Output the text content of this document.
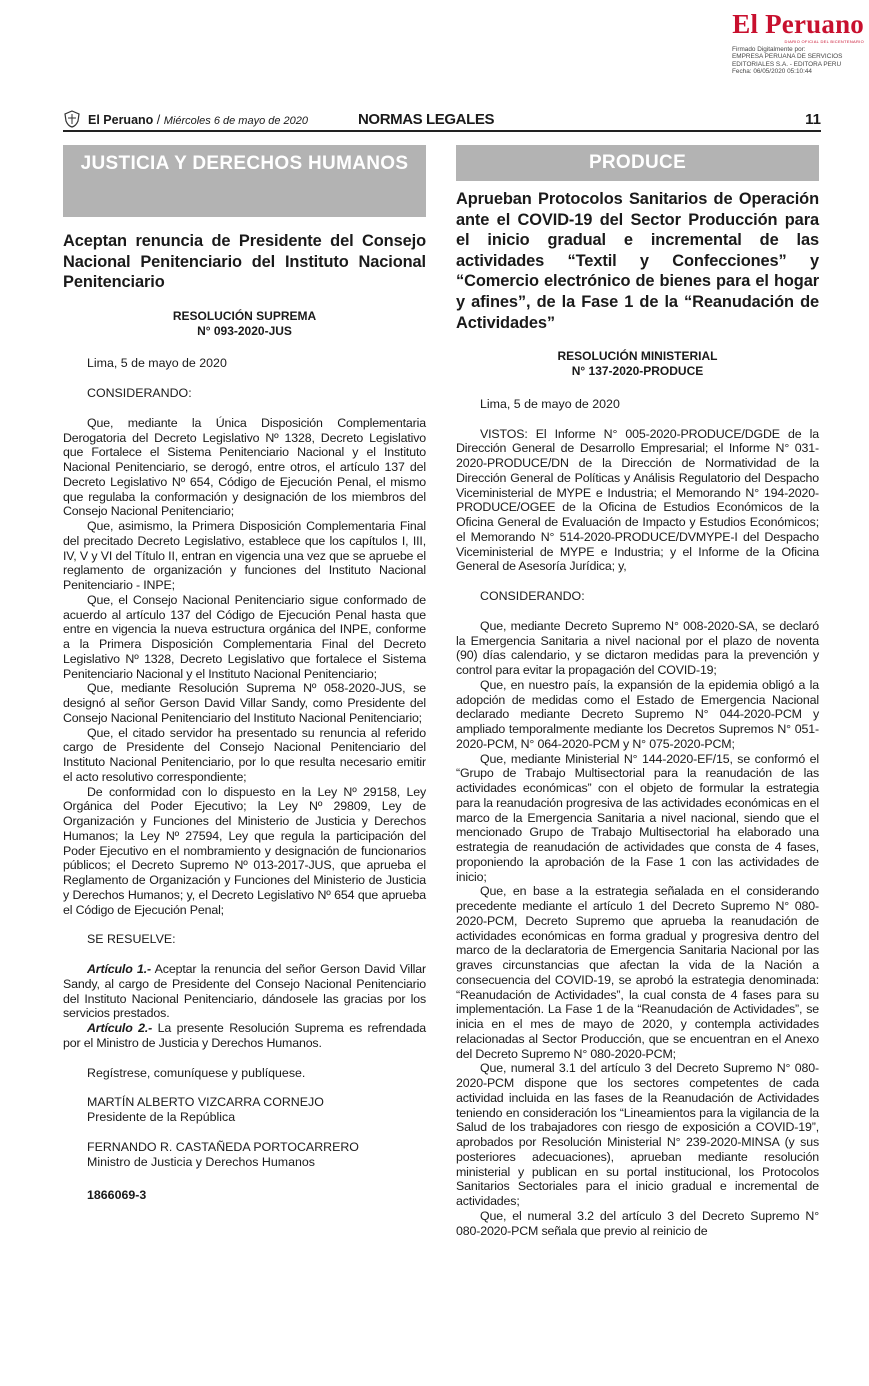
El Peruano
DIARIO OFICIAL DEL BICENTENARIO
Firmado Digitalmente por:
EMPRESA PERUANA DE SERVICIOS
EDITORIALES S.A. - EDITORA PERU
Fecha: 06/05/2020 05:10:44
El Peruano / Miércoles 6 de mayo de 2020	NORMAS LEGALES	11
JUSTICIA Y DERECHOS HUMANOS
Aceptan renuncia de Presidente del Consejo Nacional Penitenciario del Instituto Nacional Penitenciario
RESOLUCIÓN SUPREMA
N° 093-2020-JUS
Lima, 5 de mayo de 2020
CONSIDERANDO:
Que, mediante la Única Disposición Complementaria Derogatoria del Decreto Legislativo Nº 1328, Decreto Legislativo que Fortalece el Sistema Penitenciario Nacional y el Instituto Nacional Penitenciario, se derogó, entre otros, el artículo 137 del Decreto Legislativo Nº 654, Código de Ejecución Penal, el mismo que regulaba la conformación y designación de los miembros del Consejo Nacional Penitenciario;
Que, asimismo, la Primera Disposición Complementaria Final del precitado Decreto Legislativo, establece que los capítulos I, III, IV, V y VI del Título II, entran en vigencia una vez que se apruebe el reglamento de organización y funciones del Instituto Nacional Penitenciario - INPE;
Que, el Consejo Nacional Penitenciario sigue conformado de acuerdo al artículo 137 del Código de Ejecución Penal hasta que entre en vigencia la nueva estructura orgánica del INPE, conforme a la Primera Disposición Complementaria Final del Decreto Legislativo Nº 1328, Decreto Legislativo que fortalece el Sistema Penitenciario Nacional y el Instituto Nacional Penitenciario;
Que, mediante Resolución Suprema Nº 058-2020-JUS, se designó al señor Gerson David Villar Sandy, como Presidente del Consejo Nacional Penitenciario del Instituto Nacional Penitenciario;
Que, el citado servidor ha presentado su renuncia al referido cargo de Presidente del Consejo Nacional Penitenciario del Instituto Nacional Penitenciario, por lo que resulta necesario emitir el acto resolutivo correspondiente;
De conformidad con lo dispuesto en la Ley Nº 29158, Ley Orgánica del Poder Ejecutivo; la Ley Nº 29809, Ley de Organización y Funciones del Ministerio de Justicia y Derechos Humanos; la Ley Nº 27594, Ley que regula la participación del Poder Ejecutivo en el nombramiento y designación de funcionarios públicos; el Decreto Supremo Nº 013-2017-JUS, que aprueba el Reglamento de Organización y Funciones del Ministerio de Justicia y Derechos Humanos; y, el Decreto Legislativo Nº 654 que aprueba el Código de Ejecución Penal;
SE RESUELVE:
Artículo 1.- Aceptar la renuncia del señor Gerson David Villar Sandy, al cargo de Presidente del Consejo Nacional Penitenciario del Instituto Nacional Penitenciario, dándosele las gracias por los servicios prestados.
Artículo 2.- La presente Resolución Suprema es refrendada por el Ministro de Justicia y Derechos Humanos.
Regístrese, comuníquese y publíquese.
MARTÍN ALBERTO VIZCARRA CORNEJO
Presidente de la República
FERNANDO R. CASTAÑEDA PORTOCARRERO
Ministro de Justicia y Derechos Humanos
1866069-3
PRODUCE
Aprueban Protocolos Sanitarios de Operación ante el COVID-19 del Sector Producción para el inicio gradual e incremental de las actividades “Textil y Confecciones” y “Comercio electrónico de bienes para el hogar y afines”, de la Fase 1 de la “Reanudación de Actividades”
RESOLUCIÓN MINISTERIAL
N° 137-2020-PRODUCE
Lima, 5 de mayo de 2020
VISTOS: El Informe N° 005-2020-PRODUCE/DGDE de la Dirección General de Desarrollo Empresarial; el Informe N° 031-2020-PRODUCE/DN de la Dirección de Normatividad de la Dirección General de Políticas y Análisis Regulatorio del Despacho Viceministerial de MYPE e Industria; el Memorando N° 194-2020-PRODUCE/OGEE de la Oficina de Estudios Económicos de la Oficina General de Evaluación de Impacto y Estudios Económicos; el Memorando N° 514-2020-PRODUCE/DVMYPE-I del Despacho Viceministerial de MYPE e Industria; y el Informe de la Oficina General de Asesoría Jurídica; y,
CONSIDERANDO:
Que, mediante Decreto Supremo N° 008-2020-SA, se declaró la Emergencia Sanitaria a nivel nacional por el plazo de noventa (90) días calendario, y se dictaron medidas para la prevención y control para evitar la propagación del COVID-19;
Que, en nuestro país, la expansión de la epidemia obligó a la adopción de medidas como el Estado de Emergencia Nacional declarado mediante Decreto Supremo N° 044-2020-PCM y ampliado temporalmente mediante los Decretos Supremos N° 051-2020-PCM, N° 064-2020-PCM y N° 075-2020-PCM;
Que, mediante Ministerial N° 144-2020-EF/15, se conformó el “Grupo de Trabajo Multisectorial para la reanudación de las actividades económicas” con el objeto de formular la estrategia para la reanudación progresiva de las actividades económicas en el marco de la Emergencia Sanitaria a nivel nacional, siendo que el mencionado Grupo de Trabajo Multisectorial ha elaborado una estrategia de reanudación de actividades que consta de 4 fases, proponiendo la aprobación de la Fase 1 con las actividades de inicio;
Que, en base a la estrategia señalada en el considerando precedente mediante el artículo 1 del Decreto Supremo N° 080-2020-PCM, Decreto Supremo que aprueba la reanudación de actividades económicas en forma gradual y progresiva dentro del marco de la declaratoria de Emergencia Sanitaria Nacional por las graves circunstancias que afectan la vida de la Nación a consecuencia del COVID-19, se aprobó la estrategia denominada: “Reanudación de Actividades”, la cual consta de 4 fases para su implementación. La Fase 1 de la “Reanudación de Actividades”, se inicia en el mes de mayo de 2020, y contempla actividades relacionadas al Sector Producción, que se encuentran en el Anexo del Decreto Supremo N° 080-2020-PCM;
Que, numeral 3.1 del artículo 3 del Decreto Supremo N° 080-2020-PCM dispone que los sectores competentes de cada actividad incluida en las fases de la Reanudación de Actividades teniendo en consideración los “Lineamientos para la vigilancia de la Salud de los trabajadores con riesgo de exposición a COVID-19”, aprobados por Resolución Ministerial N° 239-2020-MINSA (y sus posteriores adecuaciones), aprueban mediante resolución ministerial y publican en su portal institucional, los Protocolos Sanitarios Sectoriales para el inicio gradual e incremental de actividades;
Que, el numeral 3.2 del artículo 3 del Decreto Supremo N° 080-2020-PCM señala que previo al reinicio de
